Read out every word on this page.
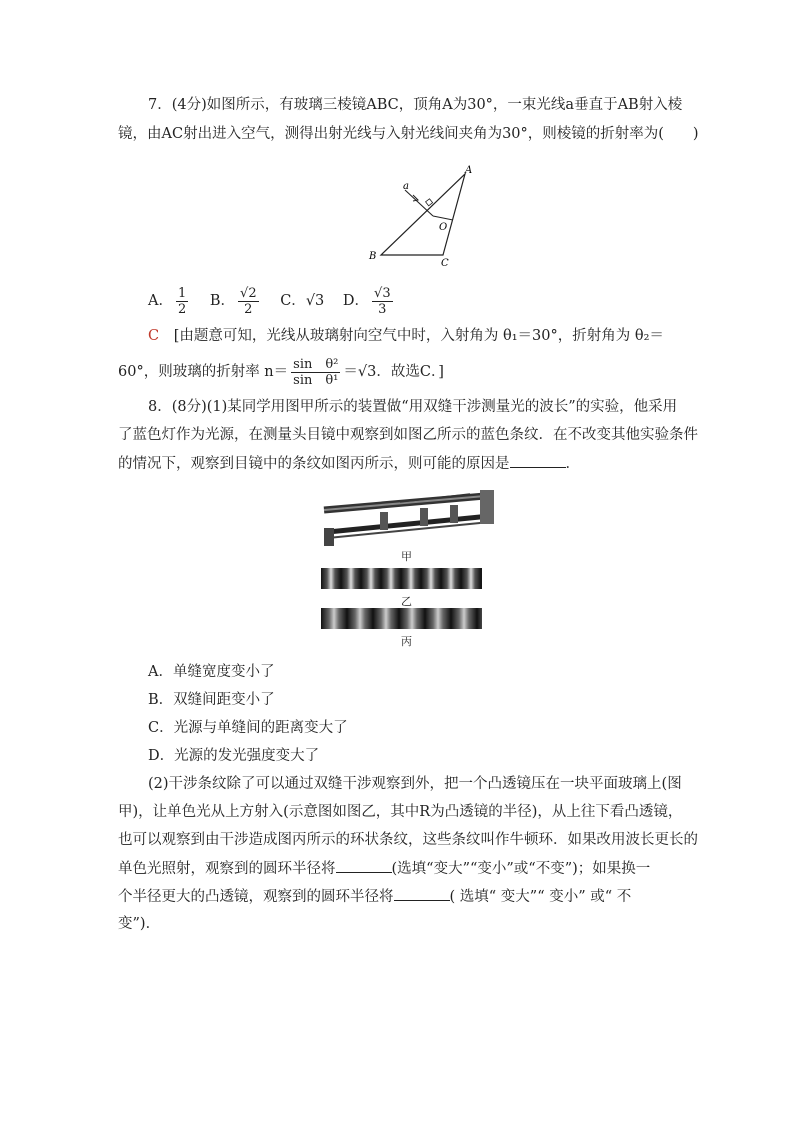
7．(4分)如图所示，有玻璃三棱镜ABC，顶角A为30°，一束光线a垂直于AB射入棱
镜，由AC射出进入空气，测得出射光线与入射光线间夹角为30°，则棱镜的折射率为(　　)
A
B
C
O
a
A． $\frac{1}{2}$ B． $\frac{√2}{2}$ C．√3 D． $\frac{√3}{3}$
C [由题意可知，光线从玻璃射向空气中时，入射角为 θ₁＝30°，折射角为 θ₂＝
60°，则玻璃的折射率 $n= \frac{\text{sin　θ²}}{\text{sin　θ¹}} =√3$．故选C．]
8．(8分)(1)某同学用图甲所示的装置做“用双缝干涉测量光的波长”的实验，他采用
了蓝色灯作为光源，在测量头目镜中观察到如图乙所示的蓝色条纹．在不改变其他实验条件
的情况下，观察到目镜中的条纹如图丙所示，则可能的原因是	．
甲
乙
丙
A．单缝宽度变小了
B．双缝间距变小了
C．光源与单缝间的距离变大了
D．光源的发光强度变大了
(2)干涉条纹除了可以通过双缝干涉观察到外，把一个凸透镜压在一块平面玻璃上(图
甲)，让单色光从上方射入(示意图如图乙，其中R为凸透镜的半径)，从上往下看凸透镜，
也可以观察到由干涉造成图丙所示的环状条纹，这些条纹叫作牛顿环．如果改用波长更长的
单色光照射，观察到的圆环半径将	(选填“变大”“变小”或“不变”)；如果换一
个半径更大的凸透镜，观察到的圆环半径将	( 选填“ 变大”“ 变小” 或“ 不
变”)．
